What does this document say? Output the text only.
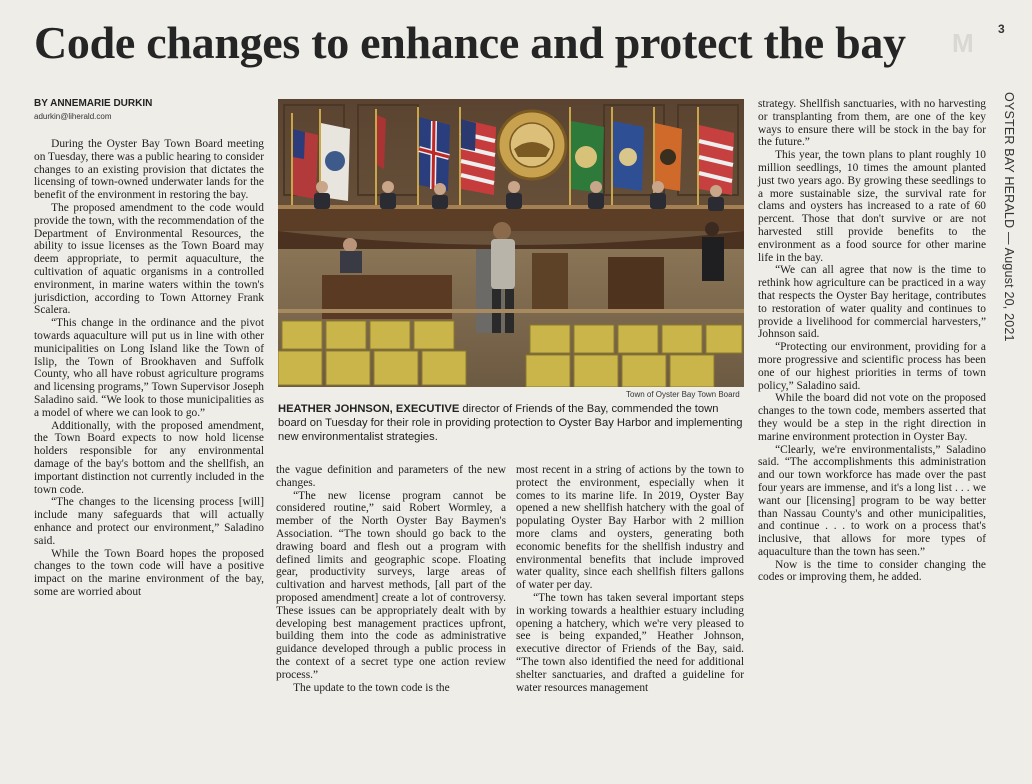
M
Code changes to enhance and protect the bay	3
OYSTER BAY HERALD — August 20, 2021
BY ANNEMARIE DURKIN
adurkin@liherald.com

During the Oyster Bay Town Board meeting on Tuesday, there was a public hearing to consider changes to an existing provision that dictates the licensing of town-owned underwater lands for the benefit of the environment in restoring the bay.

The proposed amendment to the code would provide the town, with the recommendation of the Department of Environmental Resources, the ability to issue licenses as the Town Board may deem appropriate, to permit aquaculture, the cultivation of aquatic organisms in a controlled environment, in marine waters within the town's jurisdiction, according to Town Attorney Frank Scalera.

“This change in the ordinance and the pivot towards aquaculture will put us in line with other municipalities on Long Island like the Town of Islip, the Town of Brookhaven and Suffolk County, who all have robust agriculture programs and licensing programs,” Town Supervisor Joseph Saladino said. “We look to those municipalities as a model of where we can look to go.”

Additionally, with the proposed amendment, the Town Board expects to now hold license holders responsible for any environmental damage of the bay's bottom and the shellfish, an important distinction not currently included in the town code.

“The changes to the licensing process [will] include many safeguards that will actually enhance and protect our environment,” Saladino said.

While the Town Board hopes the proposed changes to the town code will have a positive impact on the marine environment of the bay, some are worried about

Town of Oyster Bay Town Board
HEATHER JOHNSON, EXECUTIVE director of Friends of the Bay, commended the town board on Tuesday for their role in providing protection to Oyster Bay Harbor and implementing new environmentalist strategies.

the vague definition and parameters of the new changes.

“The new license program cannot be considered routine,” said Robert Wormley, a member of the North Oyster Bay Baymen's Association. “The town should go back to the drawing board and flesh out a program with defined limits and geographic scope. Floating gear, productivity surveys, large areas of cultivation and harvest methods, [all part of the proposed amendment] create a lot of controversy. These issues can be appropriately dealt with by developing best management practices upfront, building them into the code as administrative guidance developed through a public process in the context of a secret type one action review process.”

The update to the town code is the

most recent in a string of actions by the town to protect the environment, especially when it comes to its marine life. In 2019, Oyster Bay opened a new shellfish hatchery with the goal of populating Oyster Bay Harbor with 2 million more clams and oysters, generating both economic benefits for the shellfish industry and environmental benefits that include improved water quality, since each shellfish filters gallons of water per day.

“The town has taken several important steps in working towards a healthier estuary including opening a hatchery, which we're very pleased to see is being expanded,” Heather Johnson, executive director of Friends of the Bay, said. “The town also identified the need for additional shelter sanctuaries, and drafted a guideline for water resources management

strategy. Shellfish sanctuaries, with no harvesting or transplanting from them, are one of the key ways to ensure there will be stock in the bay for the future.”

This year, the town plans to plant roughly 10 million seedlings, 10 times the amount planted just two years ago. By growing these seedlings to a more sustainable size, the survival rate for clams and oysters has increased to a rate of 60 percent. Those that don't survive or are not harvested still provide benefits to the environment as a food source for other marine life in the bay.

“We can all agree that now is the time to rethink how agriculture can be practiced in a way that respects the Oyster Bay heritage, contributes to restoration of water quality and continues to provide a livelihood for commercial harvesters,” Johnson said.

“Protecting our environment, providing for a more progressive and scientific process has been one of our highest priorities in terms of town policy,” Saladino said.

While the board did not vote on the proposed changes to the town code, members asserted that they would be a step in the right direction in marine environment protection in Oyster Bay.

“Clearly, we're environmentalists,” Saladino said. “The accomplishments this administration and our town workforce has made over the past four years are immense, and it's a long list . . . we want our [licensing] program to be way better than Nassau County's and other municipalities, and continue . . . to work on a process that's inclusive, that allows for more types of aquaculture than the town has seen.”

Now is the time to consider changing the codes or improving them, he added.
